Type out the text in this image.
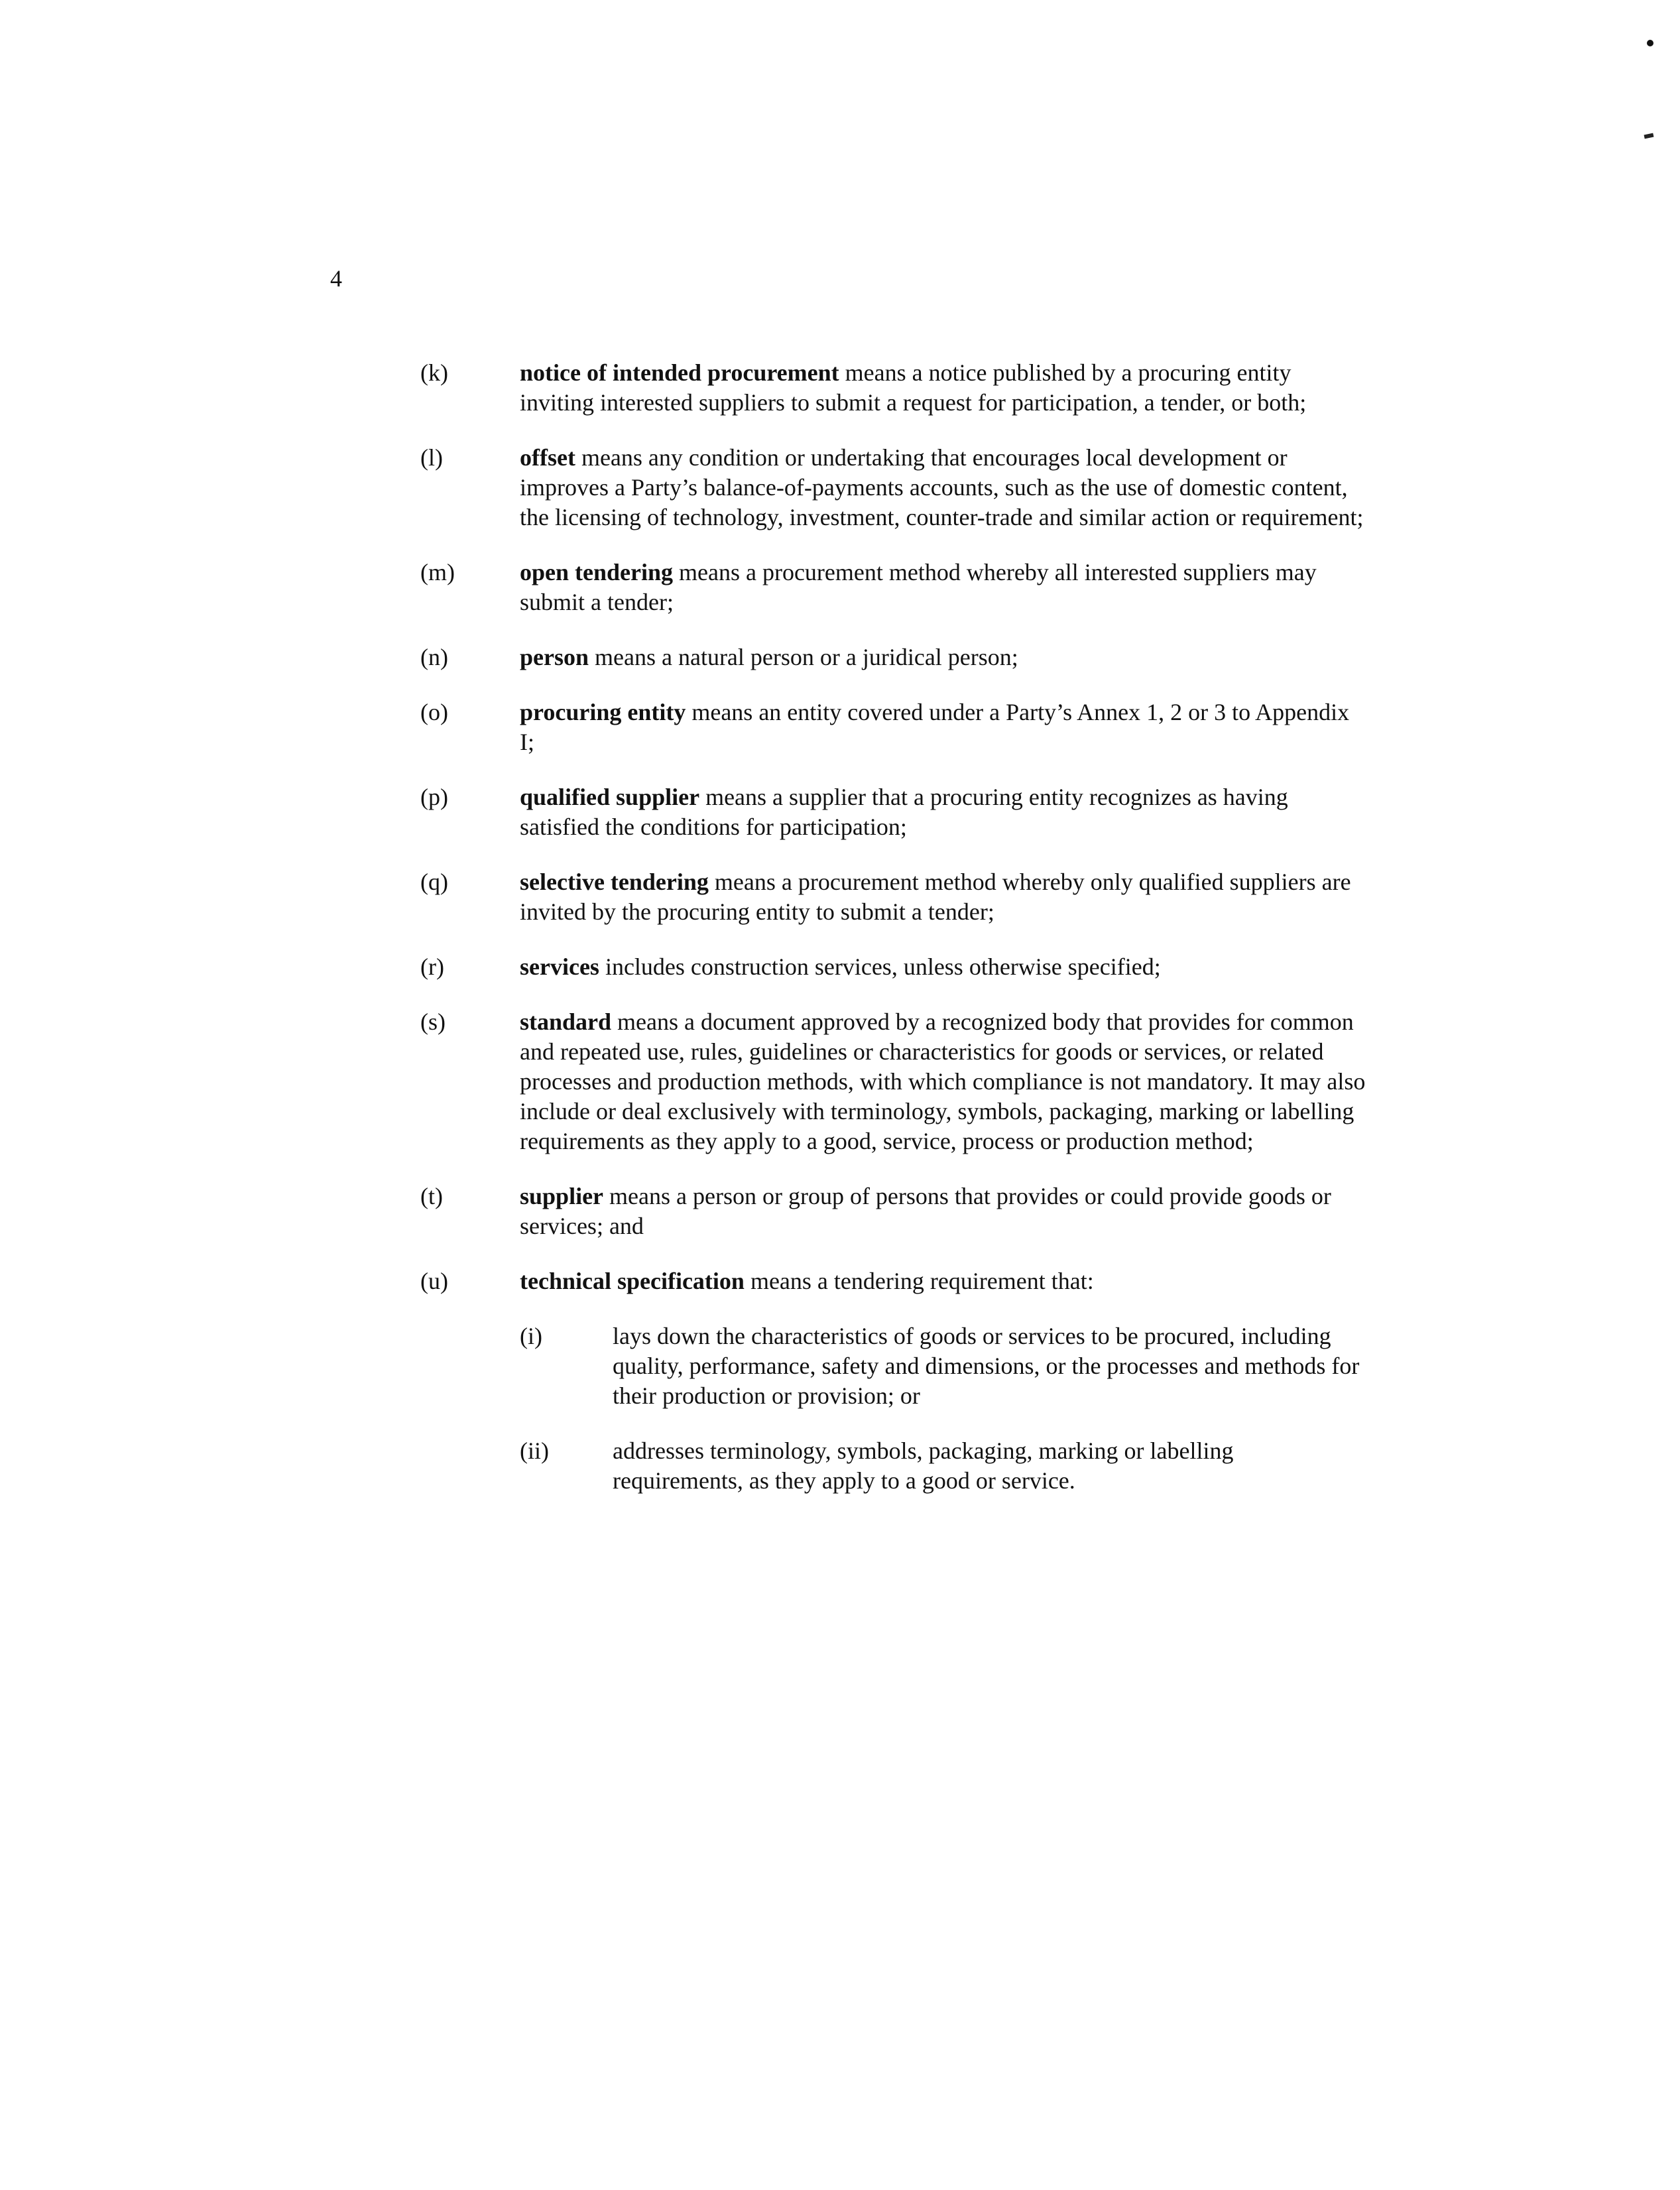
4
(k)	notice of intended procurement means a notice published by a procuring entity inviting interested suppliers to submit a request for participation, a tender, or both;
(l)	offset means any condition or undertaking that encourages local development or improves a Party’s balance-of-payments accounts, such as the use of domestic content, the licensing of technology, investment, counter-trade and similar action or requirement;
(m)	open tendering means a procurement method whereby all interested suppliers may submit a tender;
(n)	person means a natural person or a juridical person;
(o)	procuring entity means an entity covered under a Party’s Annex 1, 2 or 3 to Appendix I;
(p)	qualified supplier means a supplier that a procuring entity recognizes as having satisfied the conditions for participation;
(q)	selective tendering means a procurement method whereby only qualified suppliers are invited by the procuring entity to submit a tender;
(r)	services includes construction services, unless otherwise specified;
(s)	standard means a document approved by a recognized body that provides for common and repeated use, rules, guidelines or characteristics for goods or services, or related processes and production methods, with which compliance is not mandatory. It may also include or deal exclusively with terminology, symbols, packaging, marking or labelling requirements as they apply to a good, service, process or production method;
(t)	supplier means a person or group of persons that provides or could provide goods or services; and
(u)	technical specification means a tendering requirement that:
(i)	lays down the characteristics of goods or services to be procured, including quality, performance, safety and dimensions, or the processes and methods for their production or provision; or
(ii)	addresses terminology, symbols, packaging, marking or labelling requirements, as they apply to a good or service.
